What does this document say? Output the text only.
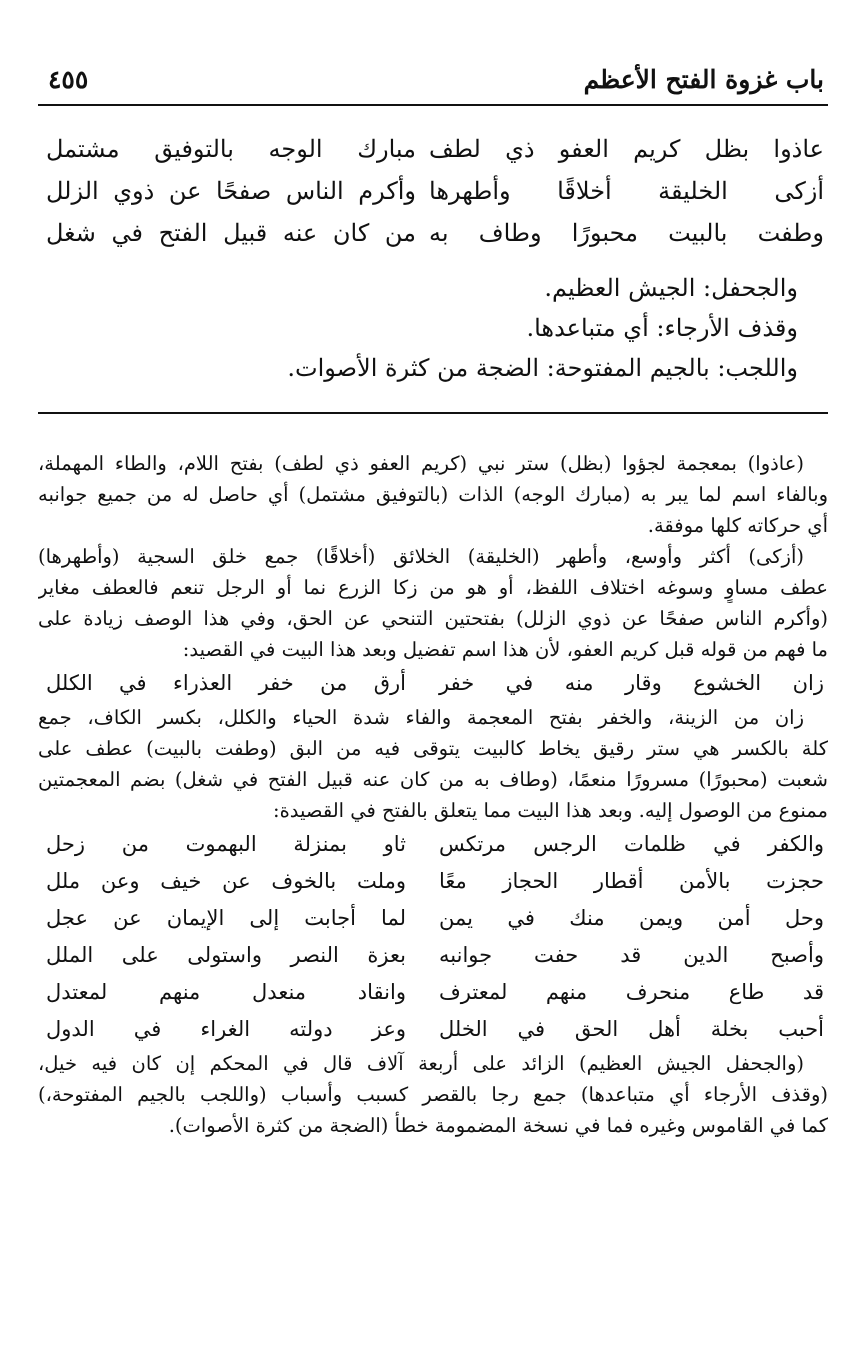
باب غزوة الفتح الأعظم
٤٥٥
عاذوا بظل كريم العفو ذي لطف
مبارك الوجه بالتوفيق مشتمل
أزكى الخليقة أخلاقًا وأطهرها
وأكرم الناس صفحًا عن ذوي الزلل
وطفت بالبيت محبورًا وطاف به
من كان عنه قبيل الفتح في شغل
والجحفل: الجيش العظيم.
وقذف الأرجاء: أي متباعدها.
واللجب: بالجيم المفتوحة: الضجة من كثرة الأصوات.
(عاذوا) بمعجمة لجؤوا (بظل) ستر نبي (كريم العفو ذي لطف) بفتح اللام، والطاء المهملة،
وبالفاء اسم لما يبر به (مبارك الوجه) الذات (بالتوفيق مشتمل) أي حاصل له من جميع جوانبه
أي حركاته كلها موفقة.
(أزكى) أكثر وأوسع، وأطهر (الخليقة) الخلائق (أخلاقًا) جمع خلق السجية (وأطهرها)
عطف مساوٍ وسوغه اختلاف اللفظ، أو هو من زكا الزرع نما أو الرجل تنعم فالعطف مغاير
(وأكرم الناس صفحًا عن ذوي الزلل) بفتحتين التنحي عن الحق، وفي هذا الوصف زيادة على
ما فهم من قوله قبل كريم العفو، لأن هذا اسم تفضيل وبعد هذا البيت في القصيد:
زان الخشوع وقار منه في خفر
أرق من خفر العذراء في الكلل
زان من الزينة، والخفر بفتح المعجمة والفاء شدة الحياء والكلل، بكسر الكاف، جمع
كلة بالكسر هي ستر رقيق يخاط كالبيت يتوقى فيه من البق (وطفت بالبيت) عطف على
شعبت (محبورًا) مسرورًا منعمًا، (وطاف به من كان عنه قبيل الفتح في شغل) بضم المعجمتين
ممنوع من الوصول إليه. وبعد هذا البيت مما يتعلق بالفتح في القصيدة:
والكفر في ظلمات الرجس مرتكس
ثاو بمنزلة البهموت من زحل
حجزت بالأمن أقطار الحجاز معًا
وملت بالخوف عن خيف وعن ملل
وحل أمن ويمن منك في يمن
لما أجابت إلى الإيمان عن عجل
وأصبح الدين قد حفت جوانبه
بعزة النصر واستولى على الملل
قد طاع منحرف منهم لمعترف
وانقاد منعدل منهم لمعتدل
أحبب بخلة أهل الحق في الخلل
وعز دولته الغراء في الدول
(والجحفل الجيش العظيم) الزائد على أربعة آلاف قال في المحكم إن كان فيه خيل،
(وقذف الأرجاء أي متباعدها) جمع رجا بالقصر كسبب وأسباب (واللجب بالجيم المفتوحة،)
كما في القاموس وغيره فما في نسخة المضمومة خطأ (الضجة من كثرة الأصوات).
